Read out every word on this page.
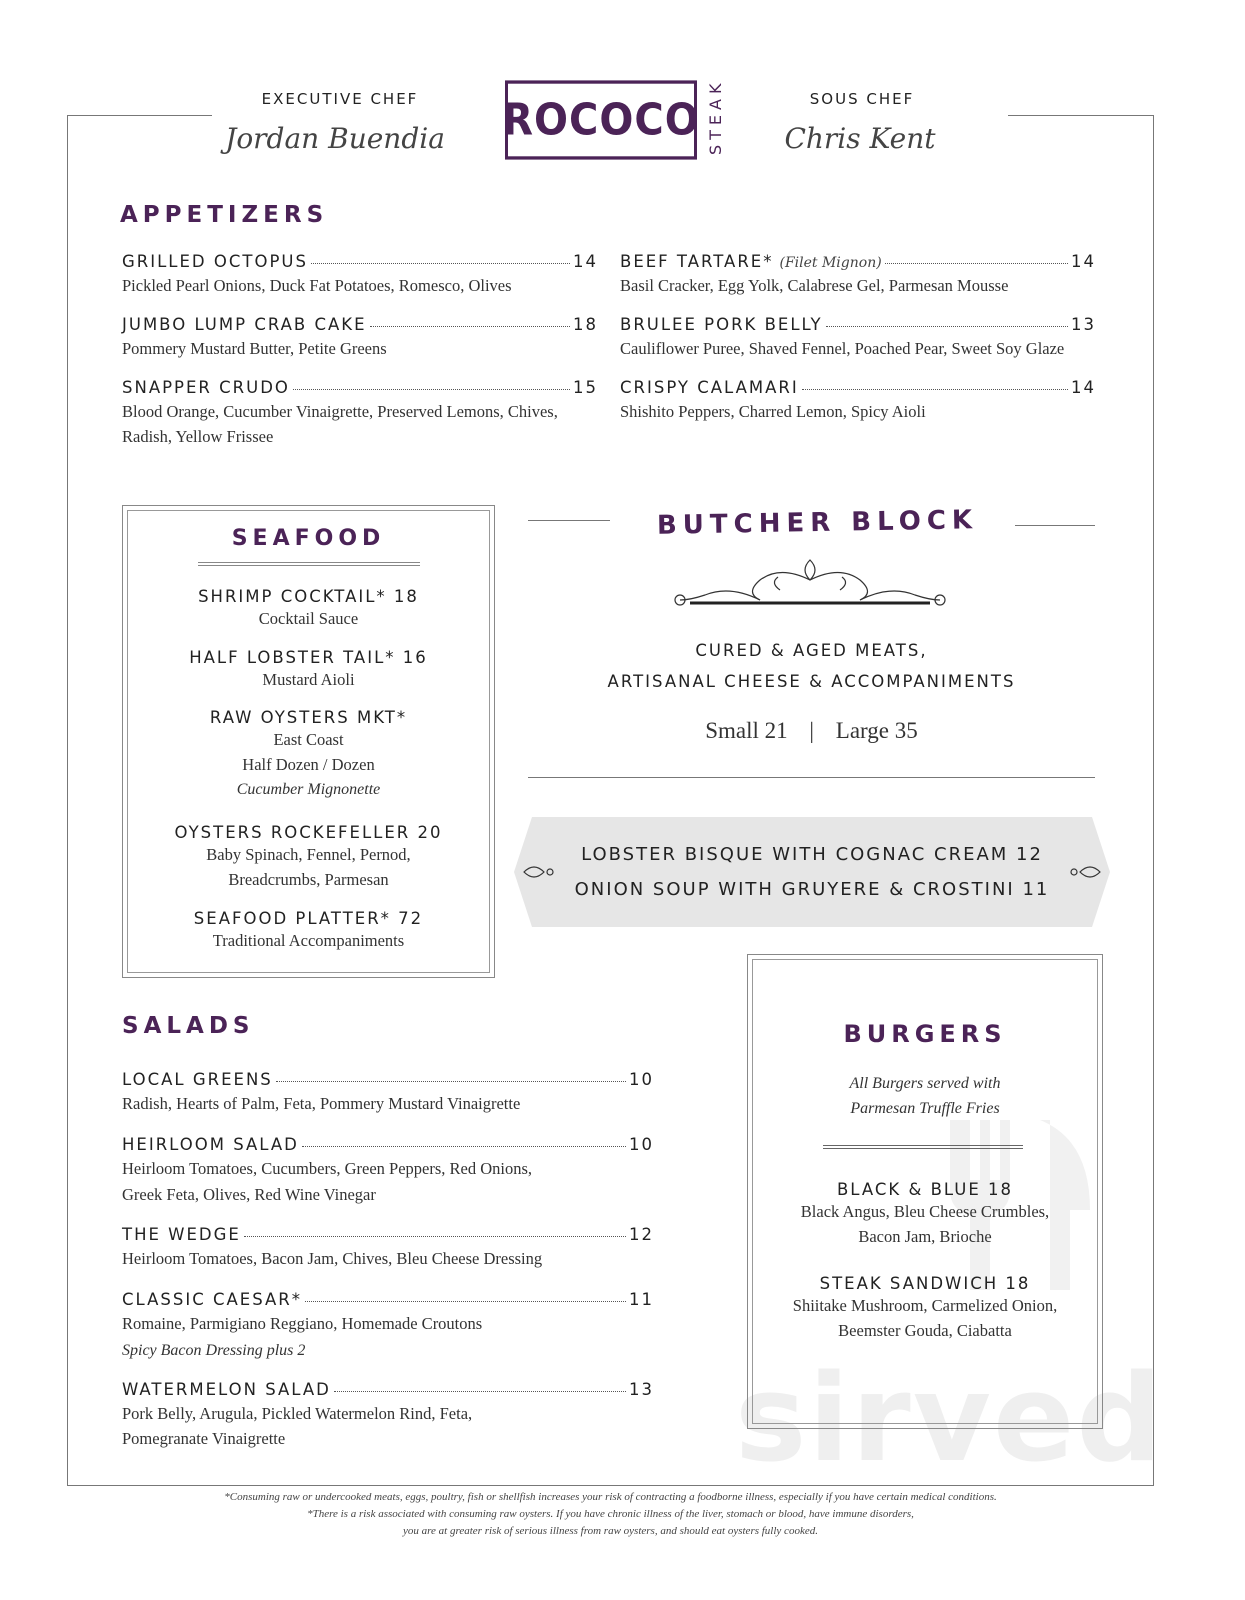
sirved
EXECUTIVE CHEF
Jordan Buendia	ROCOCO STEAK	SOUS CHEF
Chris Kent
APPETIZERS
GRILLED OCTOPUS	14
Pickled Pearl Onions, Duck Fat Potatoes, Romesco, Olives
JUMBO LUMP CRAB CAKE	18
Pommery Mustard Butter, Petite Greens
SNAPPER CRUDO	15
Blood Orange, Cucumber Vinaigrette, Preserved Lemons, Chives,
Radish, Yellow Frissee
BEEF TARTARE* (Filet Mignon)	14
Basil Cracker, Egg Yolk, Calabrese Gel, Parmesan Mousse
BRULEE PORK BELLY	13
Cauliflower Puree, Shaved Fennel, Poached Pear, Sweet Soy Glaze
CRISPY CALAMARI	14
Shishito Peppers, Charred Lemon, Spicy Aioli
SEAFOOD
SHRIMP COCKTAIL* 18
Cocktail Sauce
HALF LOBSTER TAIL* 16
Mustard Aioli
RAW OYSTERS MKT*
East Coast
Half Dozen / Dozen
Cucumber Mignonette
OYSTERS ROCKEFELLER 20
Baby Spinach, Fennel, Pernod,
Breadcrumbs, Parmesan
SEAFOOD PLATTER* 72
Traditional Accompaniments
BUTCHER BLOCK
CURED & AGED MEATS,
ARTISANAL CHEESE & ACCOMPANIMENTS
Small 21 | Large 35
LOBSTER BISQUE WITH COGNAC CREAM 12
ONION SOUP WITH GRUYERE & CROSTINI 11
SALADS
LOCAL GREENS	10
Radish, Hearts of Palm, Feta, Pommery Mustard Vinaigrette
HEIRLOOM SALAD	10
Heirloom Tomatoes, Cucumbers, Green Peppers, Red Onions,
Greek Feta, Olives, Red Wine Vinegar
THE WEDGE	12
Heirloom Tomatoes, Bacon Jam, Chives, Bleu Cheese Dressing
CLASSIC CAESAR*	11
Romaine, Parmigiano Reggiano, Homemade Croutons
Spicy Bacon Dressing plus 2
WATERMELON SALAD	13
Pork Belly, Arugula, Pickled Watermelon Rind, Feta,
Pomegranate Vinaigrette
BURGERS
All Burgers served with
Parmesan Truffle Fries
BLACK & BLUE 18
Black Angus, Bleu Cheese Crumbles,
Bacon Jam, Brioche
STEAK SANDWICH 18
Shiitake Mushroom, Carmelized Onion,
Beemster Gouda, Ciabatta
*Consuming raw or undercooked meats, eggs, poultry, fish or shellfish increases your risk of contracting a foodborne illness, especially if you have certain medical conditions.
*There is a risk associated with consuming raw oysters. If you have chronic illness of the liver, stomach or blood, have immune disorders,
you are at greater risk of serious illness from raw oysters, and should eat oysters fully cooked.
